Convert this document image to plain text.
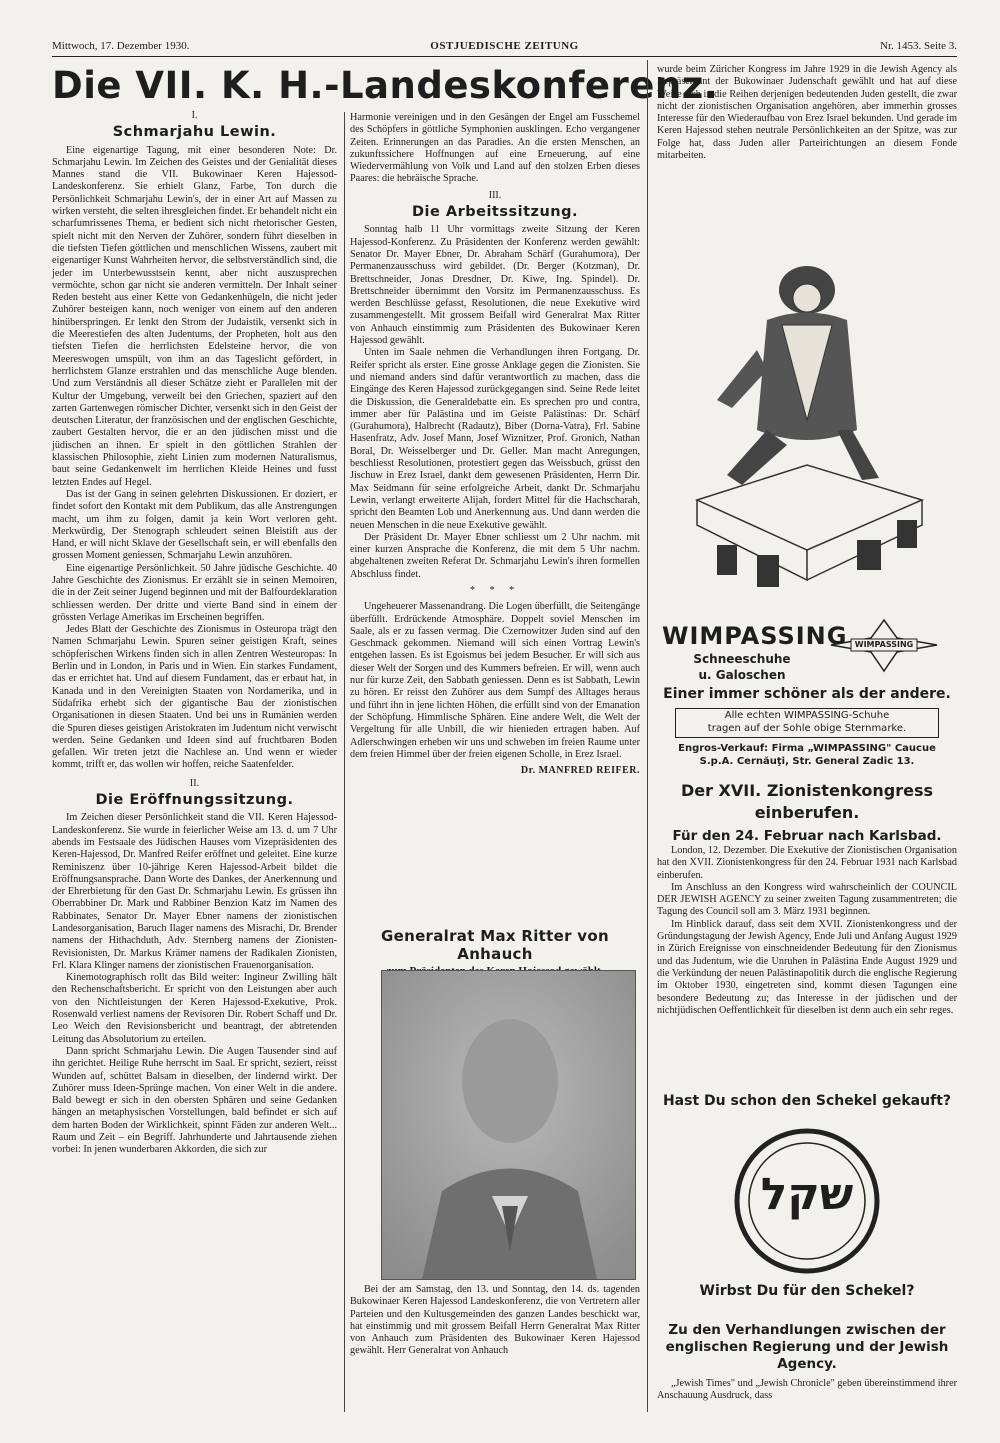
Mittwoch, 17. Dezember 1930.	OSTJUEDISCHE ZEITUNG	Nr. 1453. Seite 3.
Die VII. K. H.-Landeskonferenz.
I.
Schmarjahu Lewin.

Eine eigenartige Tagung, mit einer besonderen Note: Dr. Schmarjahu Lewin. Im Zeichen des Geistes und der Genialität dieses Mannes stand die VII. Bukowinaer Keren Hajessod-Landeskonferenz. Sie erhielt Glanz, Farbe, Ton durch die Persönlichkeit Schmarjahu Lewin's, der in einer Art auf Massen zu wirken versteht, die selten ihresgleichen findet. Er behandelt nicht ein scharfumrissenes Thema, er bedient sich nicht rhetorischer Gesten, spielt nicht mit den Nerven der Zuhörer, sondern führt dieselben in die tiefsten Tiefen göttlichen und menschlichen Wissens, zaubert mit eigenartiger Kunst Wahrheiten hervor, die selbstverständlich sind, die jeder im Unterbewusstsein kennt, aber nicht auszusprechen vermöchte, schon gar nicht sie anderen vermitteln. Der Inhalt seiner Reden besteht aus einer Kette von Gedankenhügeln, die nicht jeder Zuhörer besteigen kann, noch weniger von einem auf den anderen hinüberspringen. Er lenkt den Strom der Judaistik, versenkt sich in die Meerestiefen des alten Judentums, der Propheten, holt aus den tiefsten Tiefen die herrlichsten Edelsteine hervor, die von Meereswogen umspült, von ihm an das Tageslicht gefördert, in herrlichstem Glanze erstrahlen und das menschliche Auge blenden. Und zum Verständnis all dieser Schätze zieht er Parallelen mit der Kultur der Umgebung, verweilt bei den Griechen, spaziert auf den zarten Gartenwegen römischer Dichter, versenkt sich in den Geist der deutschen Literatur, der französischen und der englischen Geschichte, zaubert Gestalten hervor, die er an den jüdischen misst und die jüdischen an ihnen. Er spielt in den göttlichen Strahlen der klassischen Philosophie, zieht Linien zum modernen Naturalismus, baut seine Gedankenwelt im herrlichen Kleide Heines und fusst letzten Endes auf Hegel.

Das ist der Gang in seinen gelehrten Diskussionen. Er doziert, er findet sofort den Kontakt mit dem Publikum, das alle Anstrengungen macht, um ihm zu folgen, damit ja kein Wort verloren geht. Merkwürdig, Der Stenograph schleudert seinen Bleistift aus der Hand, er will nicht Sklave der Gesellschaft sein, er will ebenfalls den grossen Moment geniessen, Schmarjahu Lewin anzuhören.

Eine eigenartige Persönlichkeit. 50 Jahre jüdische Geschichte. 40 Jahre Geschichte des Zionismus. Er erzählt sie in seinen Memoiren, die in der Zeit seiner Jugend beginnen und mit der Balfourdeklaration schliessen werden. Der dritte und vierte Band sind in einem der grössten Verlage Amerikas im Erscheinen begriffen.

Jedes Blatt der Geschichte des Zionismus in Osteuropa trägt den Namen Schmarjahu Lewin. Spuren seiner geistigen Kraft, seines schöpferischen Wirkens finden sich in allen Zentren Westeuropas: In Berlin und in London, in Paris und in Wien. Ein starkes Fundament, das er errichtet hat. Und auf diesem Fundament, das er erbaut hat, in Kanada und in den Vereinigten Staaten von Nordamerika, und in Südafrika erhebt sich der gigantische Bau der zionistischen Organisationen in diesen Staaten. Und bei uns in Rumänien werden die Spuren dieses geistigen Aristokraten im Judentum nicht verwischt werden. Seine Gedanken und Ideen sind auf fruchtbaren Boden gefallen. Wir treten jetzt die Nachlese an. Und wenn er wieder kommt, trifft er, das wollen wir hoffen, reiche Saatenfelder.

II.
Die Eröffnungssitzung.

Im Zeichen dieser Persönlichkeit stand die VII. Keren Hajessod-Landeskonferenz. Sie wurde in feierlicher Weise am 13. d. um 7 Uhr abends im Festsaale des Jüdischen Hauses vom Vizepräsidenten des Keren-Hajessod, Dr. Manfred Reifer eröffnet und geleitet. Eine kurze Reminiszenz über 10-jährige Keren Hajessod-Arbeit bildet die Eröffnungsansprache. Dann Worte des Dankes, der Anerkennung und der Ehrerbietung für den Gast Dr. Schmarjahu Lewin. Es grüssen ihn Oberrabbiner Dr. Mark und Rabbiner Benzion Katz im Namen des Rabbinates, Senator Dr. Mayer Ebner namens der zionistischen Landesorganisation, Baruch Ilager namens des Misrachi, Dr. Brender namens der Hithachduth, Adv. Sternberg namens der Zionisten-Revisionisten, Dr. Markus Krämer namens der Radikalen Zionisten, Frl. Klara Klinger namens der zionistischen Frauenorganisation.

Kinemotographisch rollt das Bild weiter: Ingineur Zwilling hält den Rechenschaftsbericht. Er spricht von den Leistungen aber auch von den Nichtleistungen der Keren Hajessod-Exekutive, Prok. Rosenwald verliest namens der Revisoren Dir. Robert Schaff und Dr. Leo Weich den Revisionsbericht und beantragt, der abtretenden Leitung das Absolutorium zu erteilen.

Dann spricht Schmarjahu Lewin. Die Augen Tausender sind auf ihn gerichtet. Heilige Ruhe herrscht im Saal. Er spricht, seziert, reisst Wunden auf, schüttet Balsam in dieselben, der lindernd wirkt. Der Zuhörer muss Ideen-Sprünge machen. Von einer Welt in die andere. Bald bewegt er sich in den obersten Sphären und seine Gedanken hängen an metaphysischen Vorstellungen, bald befindet er sich auf dem harten Boden der Wirklichkeit, spinnt Fäden zur anderen Welt... Raum und Zeit – ein Begriff. Jahrhunderte und Jahrtausende ziehen vorbei: In jenen wunderbaren Akkorden, die sich zur

Harmonie vereinigen und in den Gesängen der Engel am Fusschemel des Schöpfers in göttliche Symphonien ausklingen. Echo vergangener Zeiten. Erinnerungen an das Paradies. An die ersten Menschen, an zukunftssichere Hoffnungen auf eine Erneuerung, auf eine Wiedervermählung von Volk und Land auf den stolzen Erben dieses Paares: die hebräische Sprache.

III.
Die Arbeitssitzung.

Sonntag halb 11 Uhr vormittags zweite Sitzung der Keren Hajessod-Konferenz. Zu Präsidenten der Konferenz werden gewählt: Senator Dr. Mayer Ebner, Dr. Abraham Schärf (Gurahumora), Der Permanenzausschuss wird gebildet. (Dr. Berger (Kotzman), Dr. Brettschneider, Jonas Dresdner, Dr. Kiwe, Ing. Spindel). Dr. Brettschneider übernimmt den Vorsitz im Permanenzausschuss. Es werden Beschlüsse gefasst, Resolutionen, die neue Exekutive wird zusammengestellt. Mit grossem Beifall wird Generalrat Max Ritter von Anhauch einstimmig zum Präsidenten des Bukowinaer Keren Hajessod gewählt.

Unten im Saale nehmen die Verhandlungen ihren Fortgang. Dr. Reifer spricht als erster. Eine grosse Anklage gegen die Zionisten. Sie und niemand anders sind dafür verantwortlich zu machen, dass die Eingänge des Keren Hajessod zurückgegangen sind. Seine Rede leitet die Diskussion, die Generaldebatte ein. Es sprechen pro und contra, immer aber für Palästina und im Geiste Palästinas: Dr. Schärf (Gurahumora), Halbrecht (Radautz), Biber (Dorna-Vatra), Frl. Sabine Hasenfratz, Adv. Josef Mann, Josef Wiznitzer, Prof. Gronich, Nathan Boral, Dr. Weisselberger und Dr. Geller. Man macht Anregungen, beschliesst Resolutionen, protestiert gegen das Weissbuch, grüsst den Jischuw in Erez Israel, dankt dem gewesenen Präsidenten, Herrn Dir. Max Seidmann für seine erfolgreiche Arbeit, dankt Dr. Schmarjahu Lewin, verlangt erweiterte Alijah, fordert Mittel für die Hachscharah, spricht den Beamten Lob und Anerkennung aus. Und dann werden die neuen Menschen in die neue Exekutive gewählt.

Der Präsident Dr. Mayer Ebner schliesst um 2 Uhr nachm. mit einer kurzen Ansprache die Konferenz, die mit dem 5 Uhr nachm. abgehaltenen zweiten Referat Dr. Schmarjahu Lewin's ihren formellen Abschluss findet.

* * *

Ungeheuerer Massenandrang. Die Logen überfüllt, die Seitengänge überfüllt. Erdrückende Atmosphäre. Doppelt soviel Menschen im Saale, als er zu fassen vermag. Die Czernowitzer Juden sind auf den Geschmack gekommen. Niemand will sich einen Vortrag Lewin's entgehen lassen. Es ist Egoismus bei jedem Besucher. Er will sich aus dieser Welt der Sorgen und des Kummers befreien. Er will, wenn auch nur für kurze Zeit, den Sabbath geniessen. Denn es ist Sabbath, Lewin zu hören. Er reisst den Zuhörer aus dem Sumpf des Alltages heraus und führt ihn in jene lichten Höhen, die erfüllt sind von der Emanation der Schöpfung. Himmlische Sphären. Eine andere Welt, die Welt der Vergeltung für alle Unbill, die wir hienieden ertragen haben. Auf Adlerschwingen erheben wir uns und schweben im freien Raume unter dem freien Himmel über der freien eigenen Scholle, in Erez Israel.

Dr. MANFRED REIFER.
Generalrat Max Ritter von Anhauch

Bei der am Samstag, den 13. und Sonntag, den 14. ds. tagenden Bukowinaer Keren Hajessod Landeskonferenz, die von Vertretern aller Parteien und den Kultusgemeinden des ganzen Landes beschickt war, hat einstimmig und mit grossem Beifall Herrn Generalrat Max Ritter von Anhauch zum Präsidenten des Bukowinaer Keren Hajessod gewählt. Herr Generalrat von Anhauch

wurde beim Züricher Kongress im Jahre 1929 in die Jewish Agency als Repräsentant der Bukowinaer Judenschaft gewählt und hat auf diese Weise sich in die Reihen derjenigen bedeutenden Juden gestellt, die zwar nicht der zionistischen Organisation angehören, aber immerhin grosses Interesse für den Wiederaufbau von Erez Israel bekunden. Und gerade im Keren Hajessod stehen neutrale Persönlichkeiten an der Spitze, was zur Folge hat, dass Juden aller Parteirichtungen an diesem Fonde mitarbeiten.

WIMPASSING WIMPASSING
Schneeschuhe
u. Galoschen
Einer immer schöner als der andere.
Alle echten WIMPASSING-Schuhe
tragen auf der Sohle obige Sternmarke.
Engros-Verkauf: Firma „WIMPASSING" Caucue
S.p.A. Cernăuţi, Str. General Zadic 13.
Der XVII. Zionistenkongress einberufen.
Für den 24. Februar nach Karlsbad.

London, 12. Dezember. Die Exekutive der Zionistischen Organisation hat den XVII. Zionistenkongress für den 24. Februar 1931 nach Karlsbad einberufen.

Im Anschluss an den Kongress wird wahrscheinlich der COUNCIL DER JEWISH AGENCY zu seiner zweiten Tagung zusammentreten; die Tagung des Council soll am 3. März 1931 beginnen.

Im Hinblick darauf, dass seit dem XVII. Zionistenkongress und der Gründungstagung der Jewish Agency, Ende Juli und Anfang August 1929 in Zürich Ereignisse von einschneidender Bedeutung für den Zionismus und das Judentum, wie die Unruhen in Palästina Ende August 1929 und die Verkündung der neuen Palästinapolitik durch die englische Regierung im Oktober 1930, eingetreten sind, kommt diesen Tagungen eine besondere Bedeutung zu; das Interesse in der jüdischen und der nichtjüdischen Oeffentlichkeit für dieselben ist denn auch ein sehr reges.

Hast Du schon den Schekel gekauft?
שקל
Wirbst Du für den Schekel?
Zu den Verhandlungen zwischen der englischen Regierung und der Jewish Agency.

„Jewish Times" und „Jewish Chronicle" geben übereinstimmend ihrer Anschauung Ausdruck, dass
